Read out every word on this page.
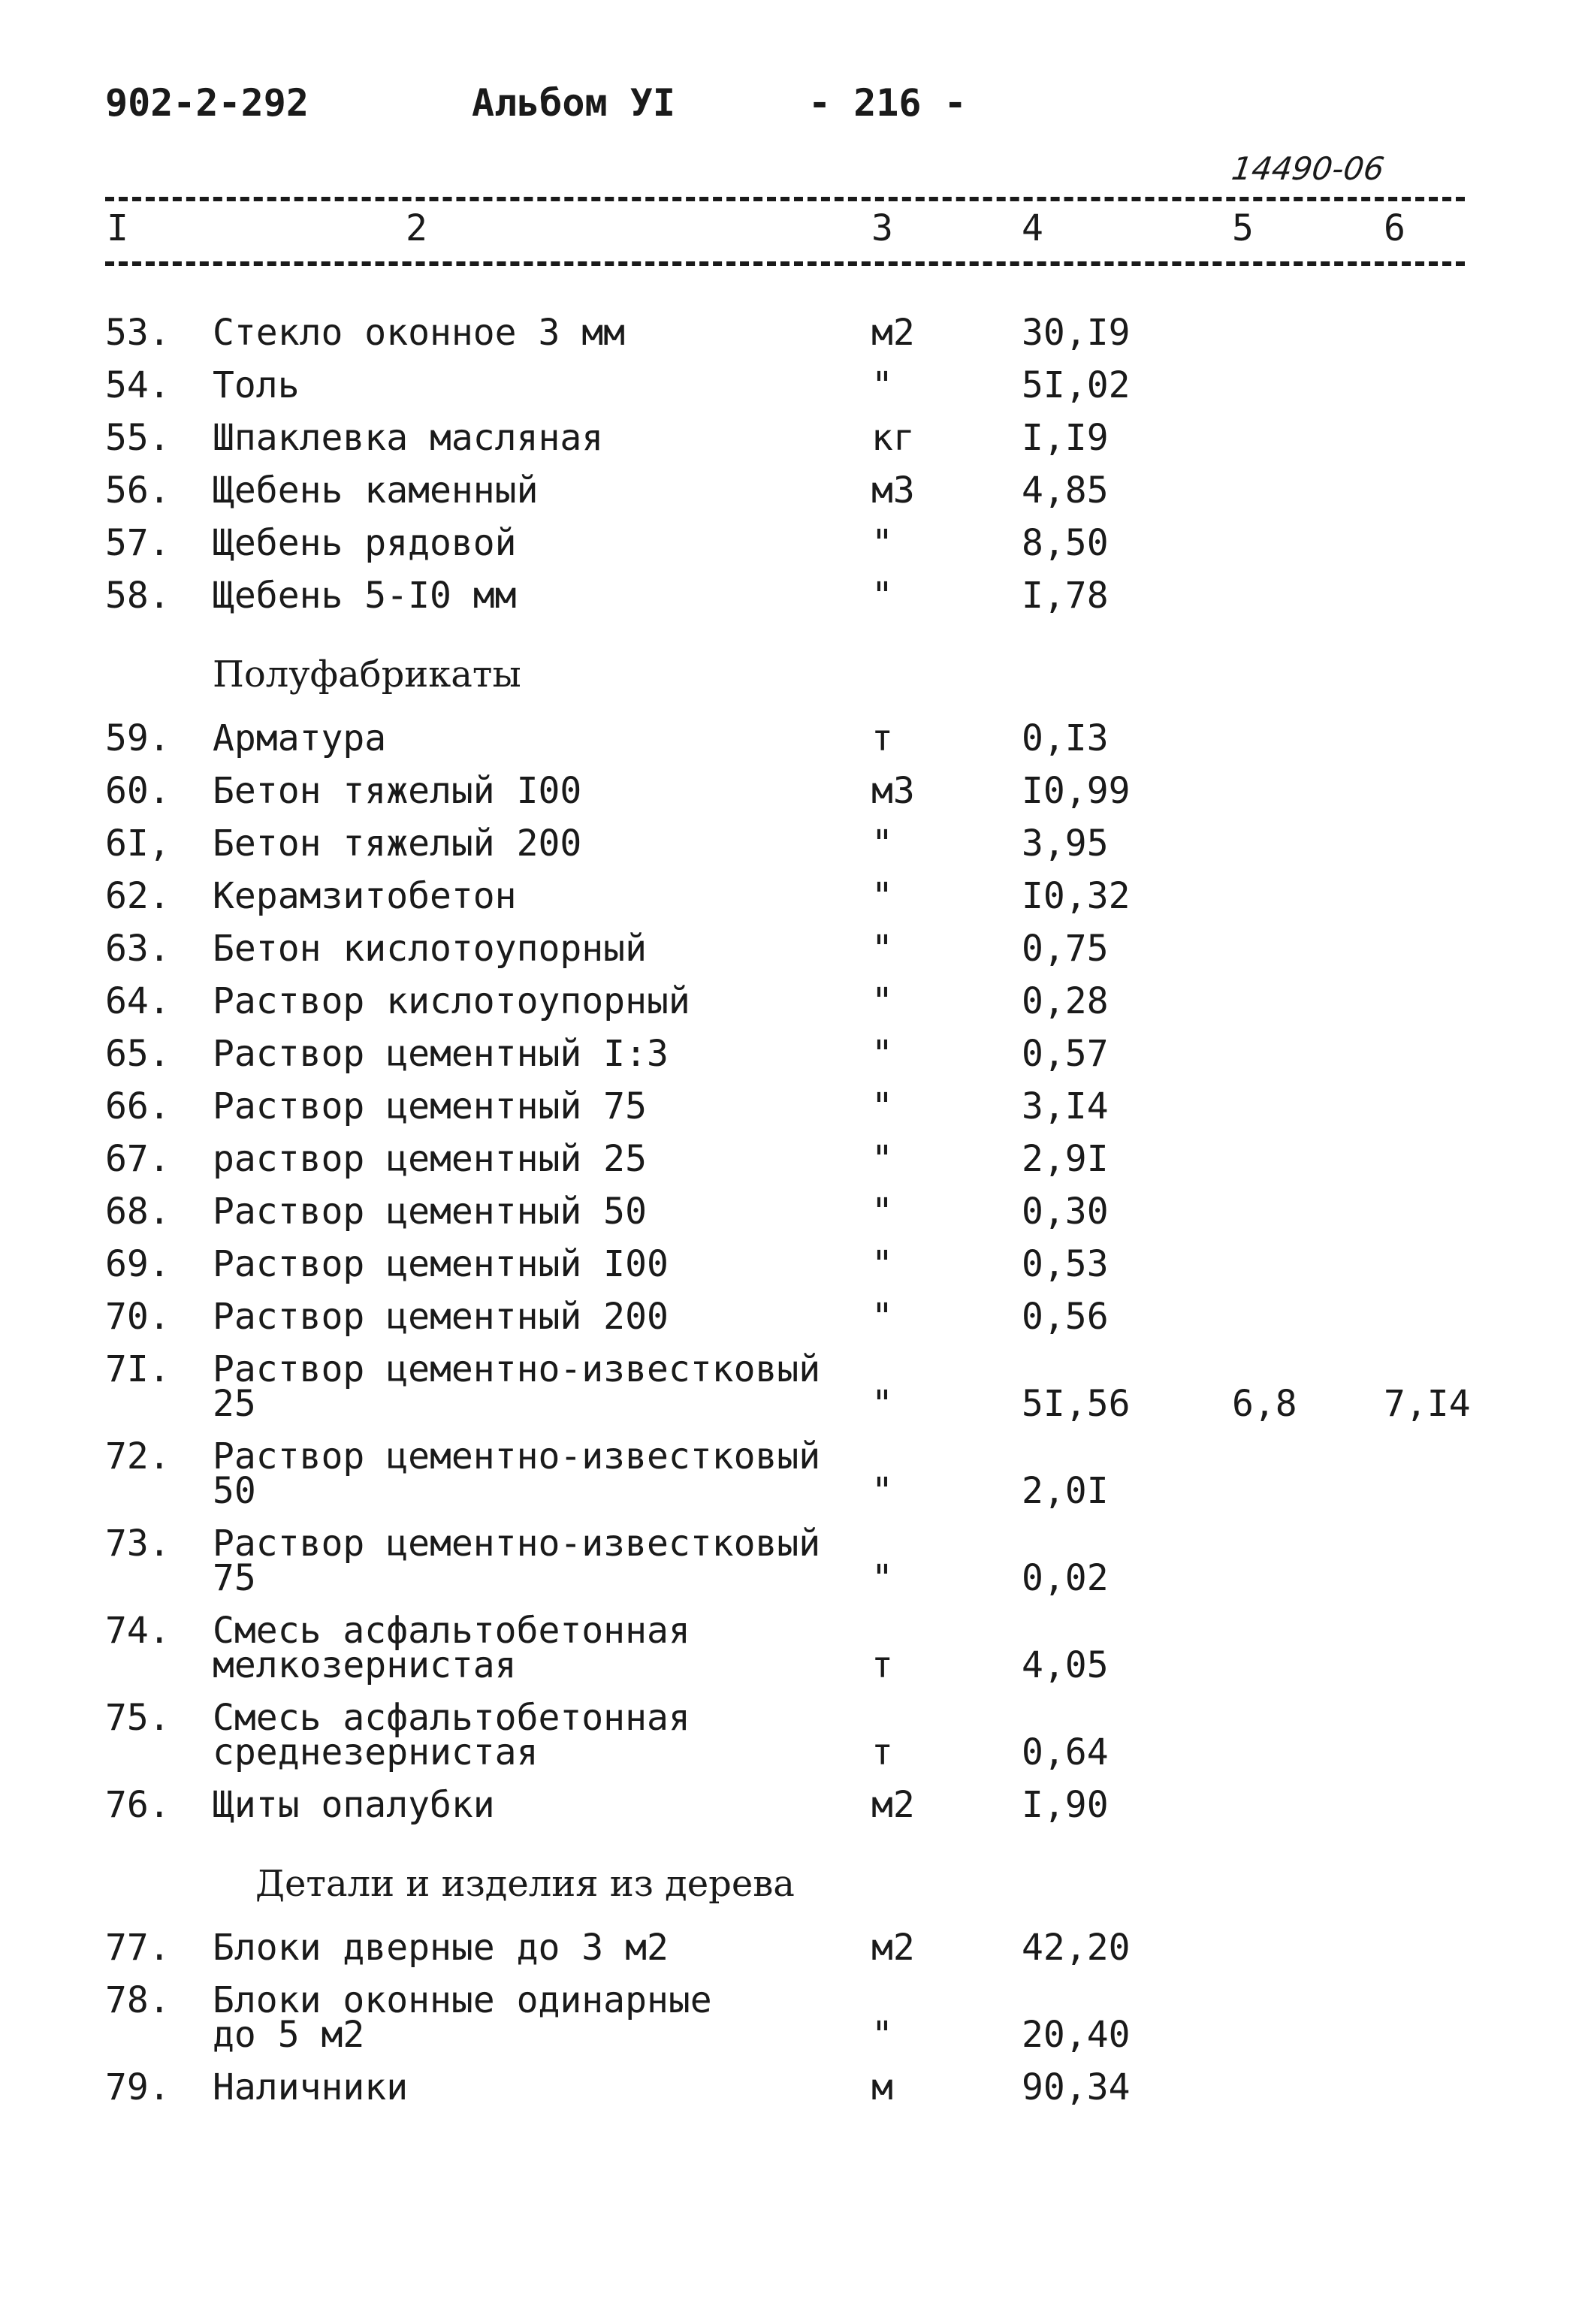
902-2-292	Альбом УI	- 216 -
14490-06
I	2	3	4	5	6
53. Стекло оконное 3 мм	м2	30,I9
54. Толь	"	5I,02
55. Шпаклевка масляная	кг	I,I9
56. Щебень каменный	м3	4,85
57. Щебень рядовой	"	8,50
58. Щебень 5-I0 мм	"	I,78
Полуфабрикаты
59. Арматура	т	0,I3
60. Бетон тяжелый I00	м3	I0,99
6I, Бетон тяжелый 200	"	3,95
62. Керамзитобетон	"	I0,32
63. Бетон кислотоупорный	"	0,75
64. Раствор кислотоупорный	"	0,28
65. Раствор цементный I:3	"	0,57
66. Раствор цементный 75	"	3,I4
67. раствор цементный 25	"	2,9I
68. Раствор цементный 50	"	0,30
69. Раствор цементный I00	"	0,53
70. Раствор цементный 200	"	0,56
7I. Раствор цементно-известковый
25	"	5I,56	6,8 7,I4
72. Раствор цементно-известковый
50	"	2,0I
73. Раствор цементно-известковый
75	"	0,02
74. Смесь асфальтобетонная
мелкозернистая	т	4,05
75. Смесь асфальтобетонная
среднезернистая	т	0,64
76. Щиты опалубки	м2	I,90
Детали и изделия из дерева
77. Блоки дверные до 3 м2	м2	42,20
78. Блоки оконные одинарные
до 5 м2	"	20,40
79. Наличники	м	90,34
